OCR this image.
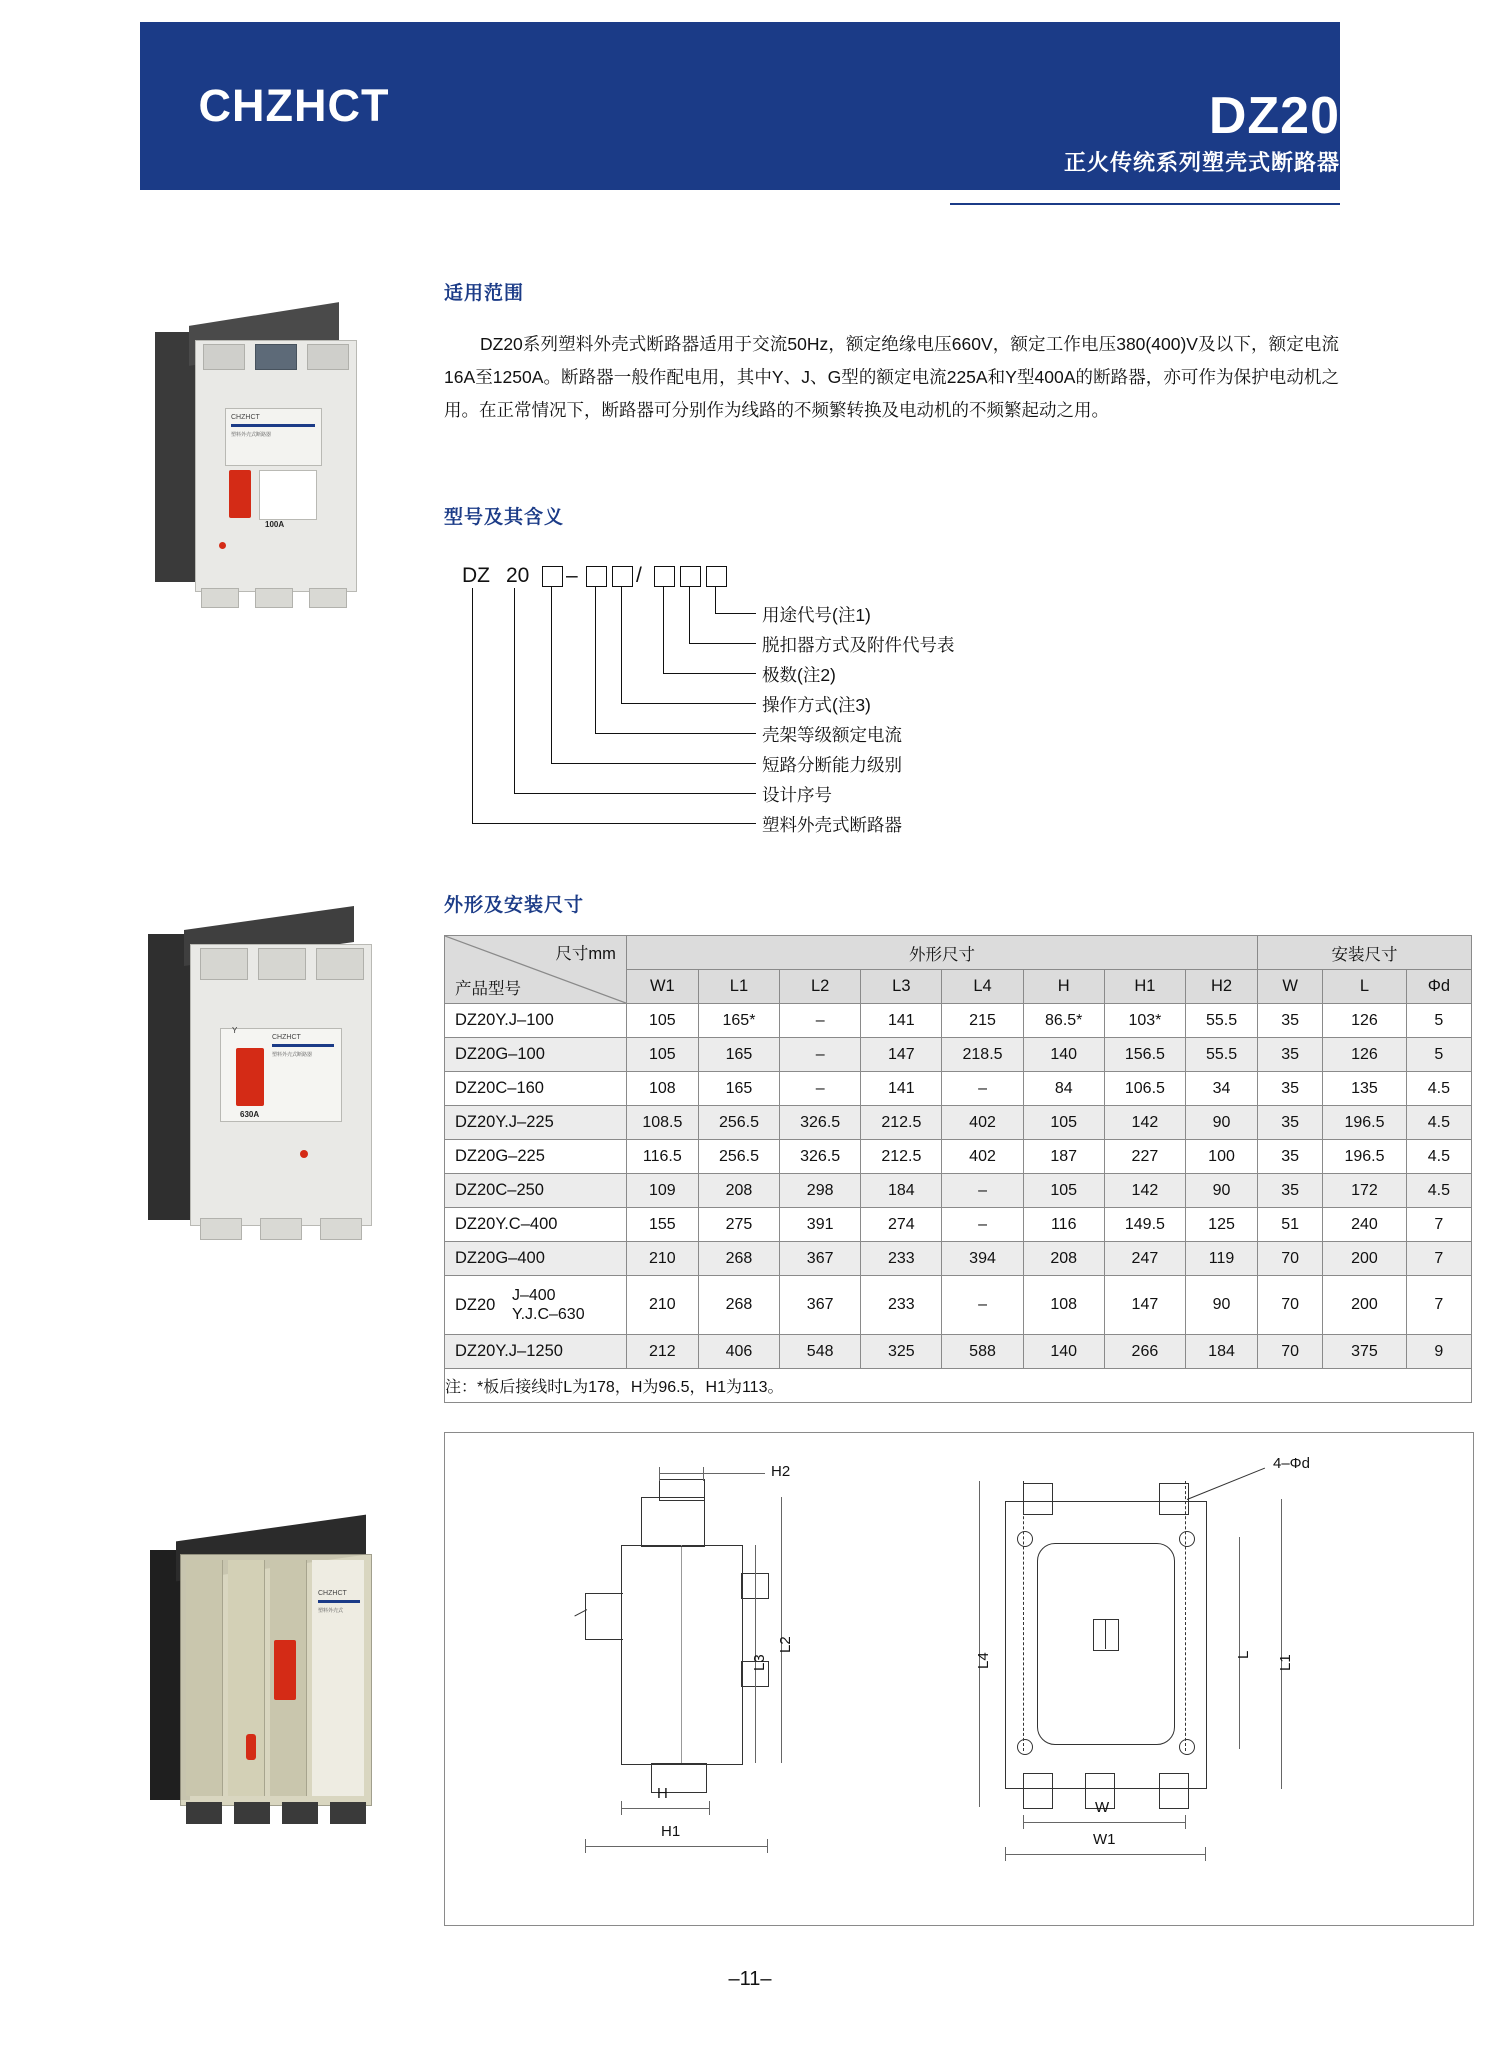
CHZHCT	DZ20
正火传统系列塑壳式断路器
适用范围
DZ20系列塑料外壳式断路器适用于交流50Hz，额定绝缘电压660V，额定工作电压380(400)V及以下，额定电流16A至1250A。断路器一般作配电用，其中Y、J、G型的额定电流225A和Y型400A的断路器，亦可作为保护电动机之用。在正常情况下，断路器可分别作为线路的不频繁转换及电动机的不频繁起动之用。
CHZHCT
塑料外壳式断路器
100A	型号及其含义
DZ 20 –	/
用途代号(注1)
脱扣器方式及附件代号表
极数(注2)
操作方式(注3)
壳架等级额定电流
短路分断能力级别
设计序号
塑料外壳式断路器
外形及安装尺寸
CHZHCT
塑料外壳式断路器
630A
Y
尺寸mm
产品型号	外形尺寸								安装尺寸		
	W1	L1	L2	L3	L4	H	H1	H2	W	L	Φd
DZ20Y.J–100	105	165*	–	141	215	86.5*	103*	55.5	35	126	5
DZ20G–100	105	165	–	147	218.5	140	156.5	55.5	35	126	5
DZ20C–160	108	165	–	141	–	84	106.5	34	35	135	4.5
DZ20Y.J–225	108.5	256.5	326.5	212.5	402	105	142	90	35	196.5	4.5
DZ20G–225	116.5	256.5	326.5	212.5	402	187	227	100	35	196.5	4.5
DZ20C–250	109	208	298	184	–	105	142	90	35	172	4.5
DZ20Y.C–400	155	275	391	274	–	116	149.5	125	51	240	7
DZ20G–400	210	268	367	233	394	208	247	119	70	200	7
DZ20 J–400
Y.J.C–630	210	268	367	233	–	108	147	90	70	200	7
DZ20Y.J–1250	212	406	548	325	588	140	266	184	70	375	9
注：*板后接线时L为178，H为96.5，H1为113。											
CHZHCT
塑料外壳式
H2
L3
L2
H
H1
4–Φd
L4	L L1
W
W1
–11–
